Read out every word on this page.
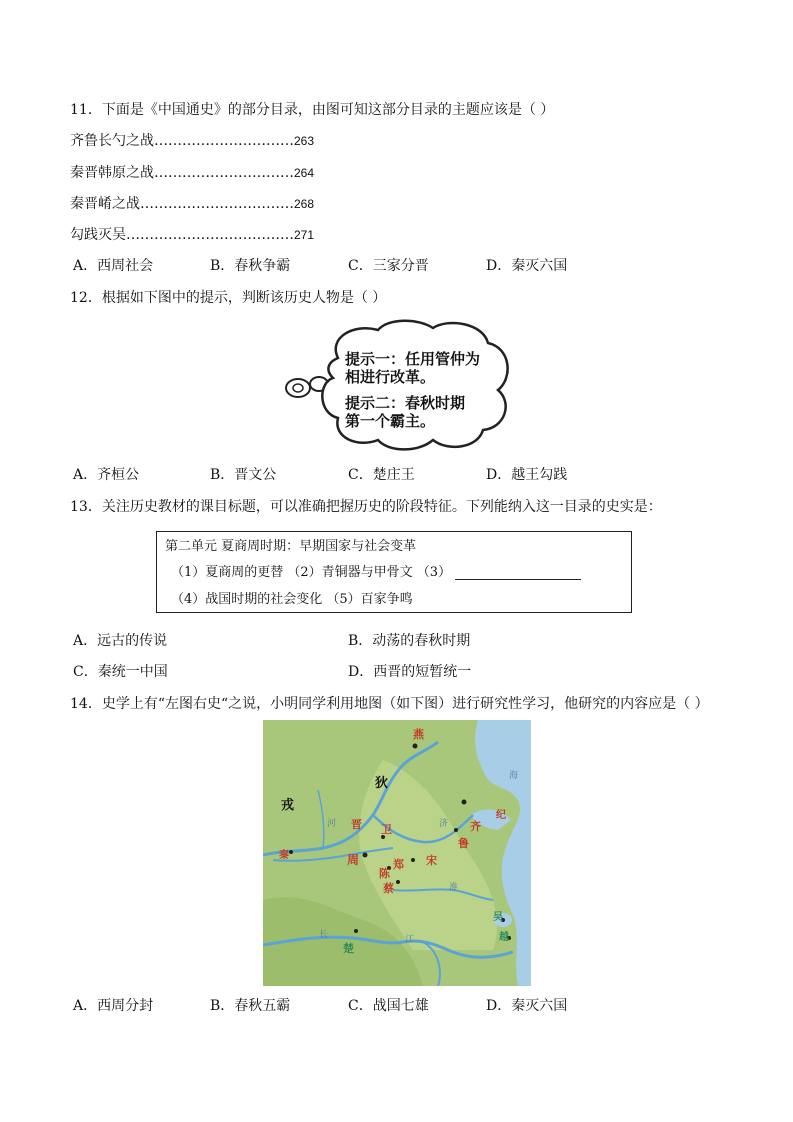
11．下面是《中国通史》的部分目录，由图可知这部分目录的主题应该是（ ）
齐鲁长勺之战…………………………263
秦晋韩原之战…………………………264
秦晋崤之战……………………………268
勾践灭吴………………………………271
A．西周社会	B．春秋争霸	C．三家分晋	D．秦灭六国
12．根据如下图中的提示，判断该历史人物是（ ）
提示一：任用管仲为
相进行改革。
提示二：春秋时期
第一个霸主。
A．齐桓公	B．晋文公	C．楚庄王	D．越王勾践
13．关注历史教材的课目标题，可以准确把握历史的阶段特征。下列能纳入这一目录的史实是：
第二单元 夏商周时期：早期国家与社会变革
（1）夏商周的更替 （2）青铜器与甲骨文 （3）
（4）战国时期的社会变化 （5）百家争鸣
A．远古的传说	B．动荡的春秋时期
C．秦统一中国	D．西晋的短暂统一
14．史学上有“左图右史“之说，小明同学利用地图（如下图）进行研究性学习，他研究的内容应是（ ）
燕
狄
戎
晋 卫	齐
纪
鲁
宋
周	郑
陈
蔡
秦
楚
吴
越
河
淮
江
长
济
海
A．西周分封	B．春秋五霸	C．战国七雄	D．秦灭六国
